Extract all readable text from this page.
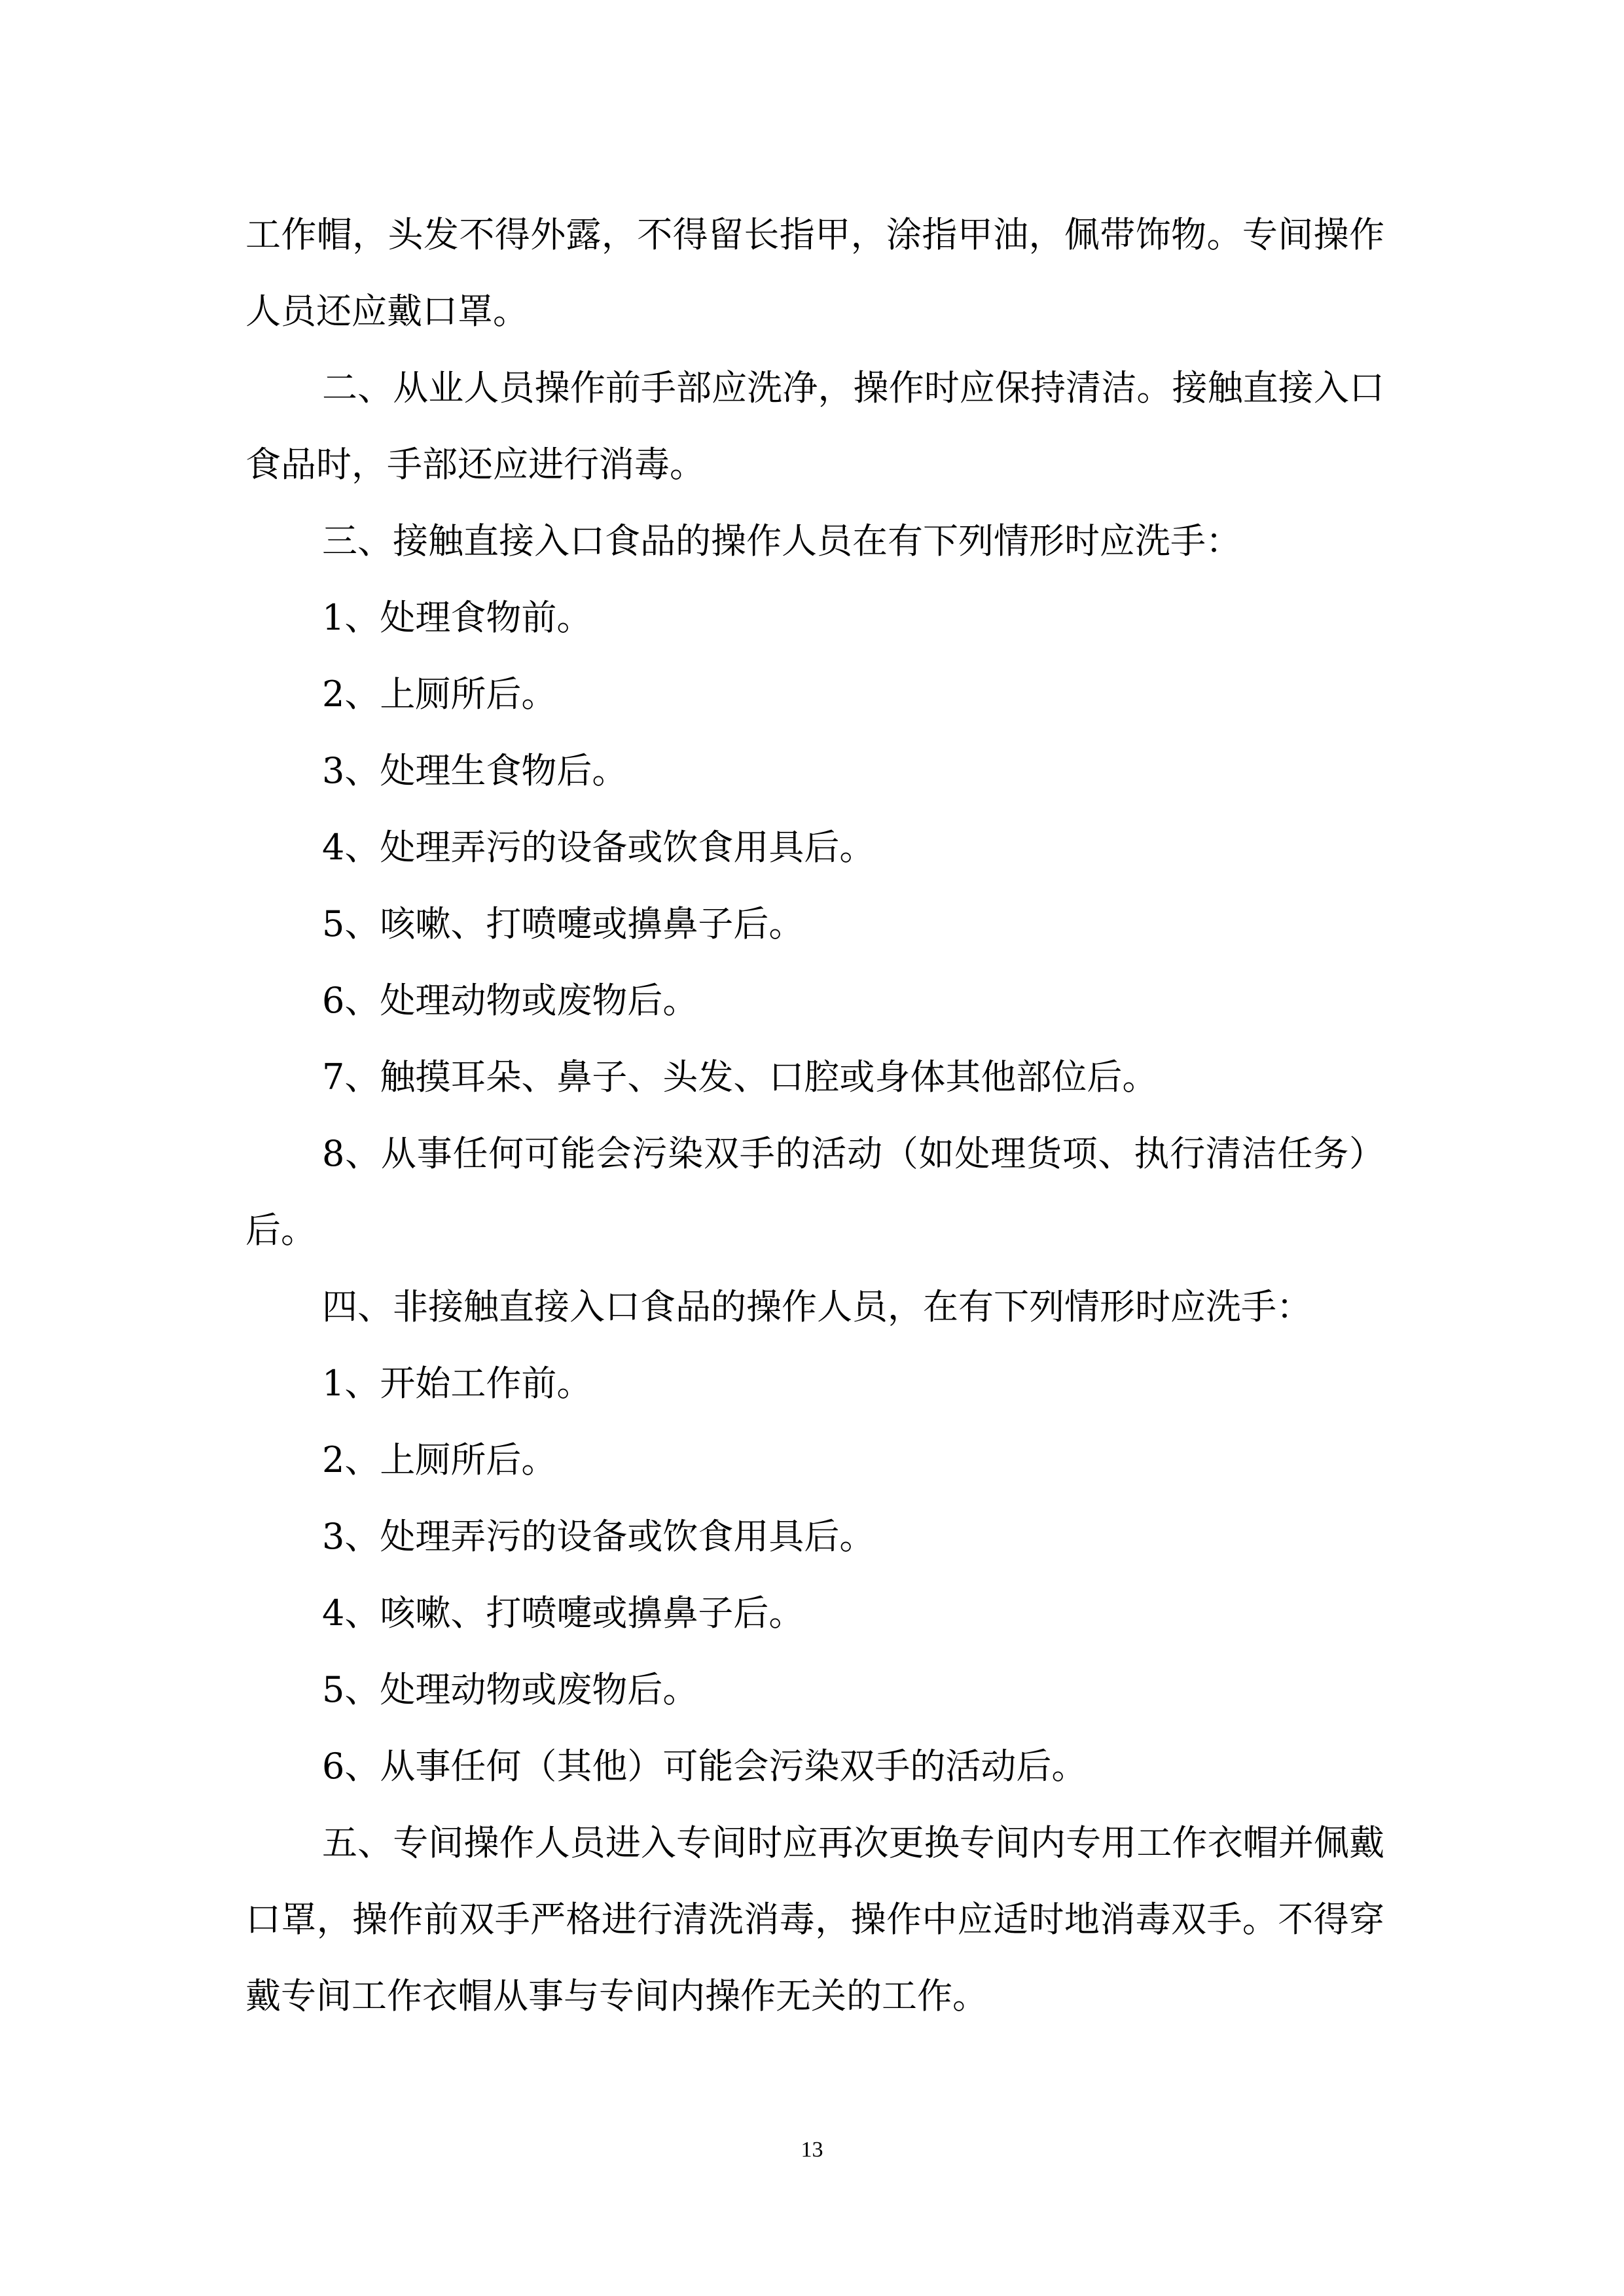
工作帽，头发不得外露，不得留长指甲，涂指甲油，佩带饰物。专间操作人员还应戴口罩。

二、从业人员操作前手部应洗净，操作时应保持清洁。接触直接入口食品时，手部还应进行消毒。

三、接触直接入口食品的操作人员在有下列情形时应洗手：

1、处理食物前。

2、上厕所后。

3、处理生食物后。

4、处理弄污的设备或饮食用具后。

5、咳嗽、打喷嚏或擤鼻子后。

6、处理动物或废物后。

7、触摸耳朵、鼻子、头发、口腔或身体其他部位后。

8、从事任何可能会污染双手的活动（如处理货项、执行清洁任务）后。

四、非接触直接入口食品的操作人员，在有下列情形时应洗手：

1、开始工作前。

2、上厕所后。

3、处理弄污的设备或饮食用具后。

4、咳嗽、打喷嚏或擤鼻子后。

5、处理动物或废物后。

6、从事任何（其他）可能会污染双手的活动后。

五、专间操作人员进入专间时应再次更换专间内专用工作衣帽并佩戴口罩，操作前双手严格进行清洗消毒，操作中应适时地消毒双手。不得穿戴专间工作衣帽从事与专间内操作无关的工作。

13
